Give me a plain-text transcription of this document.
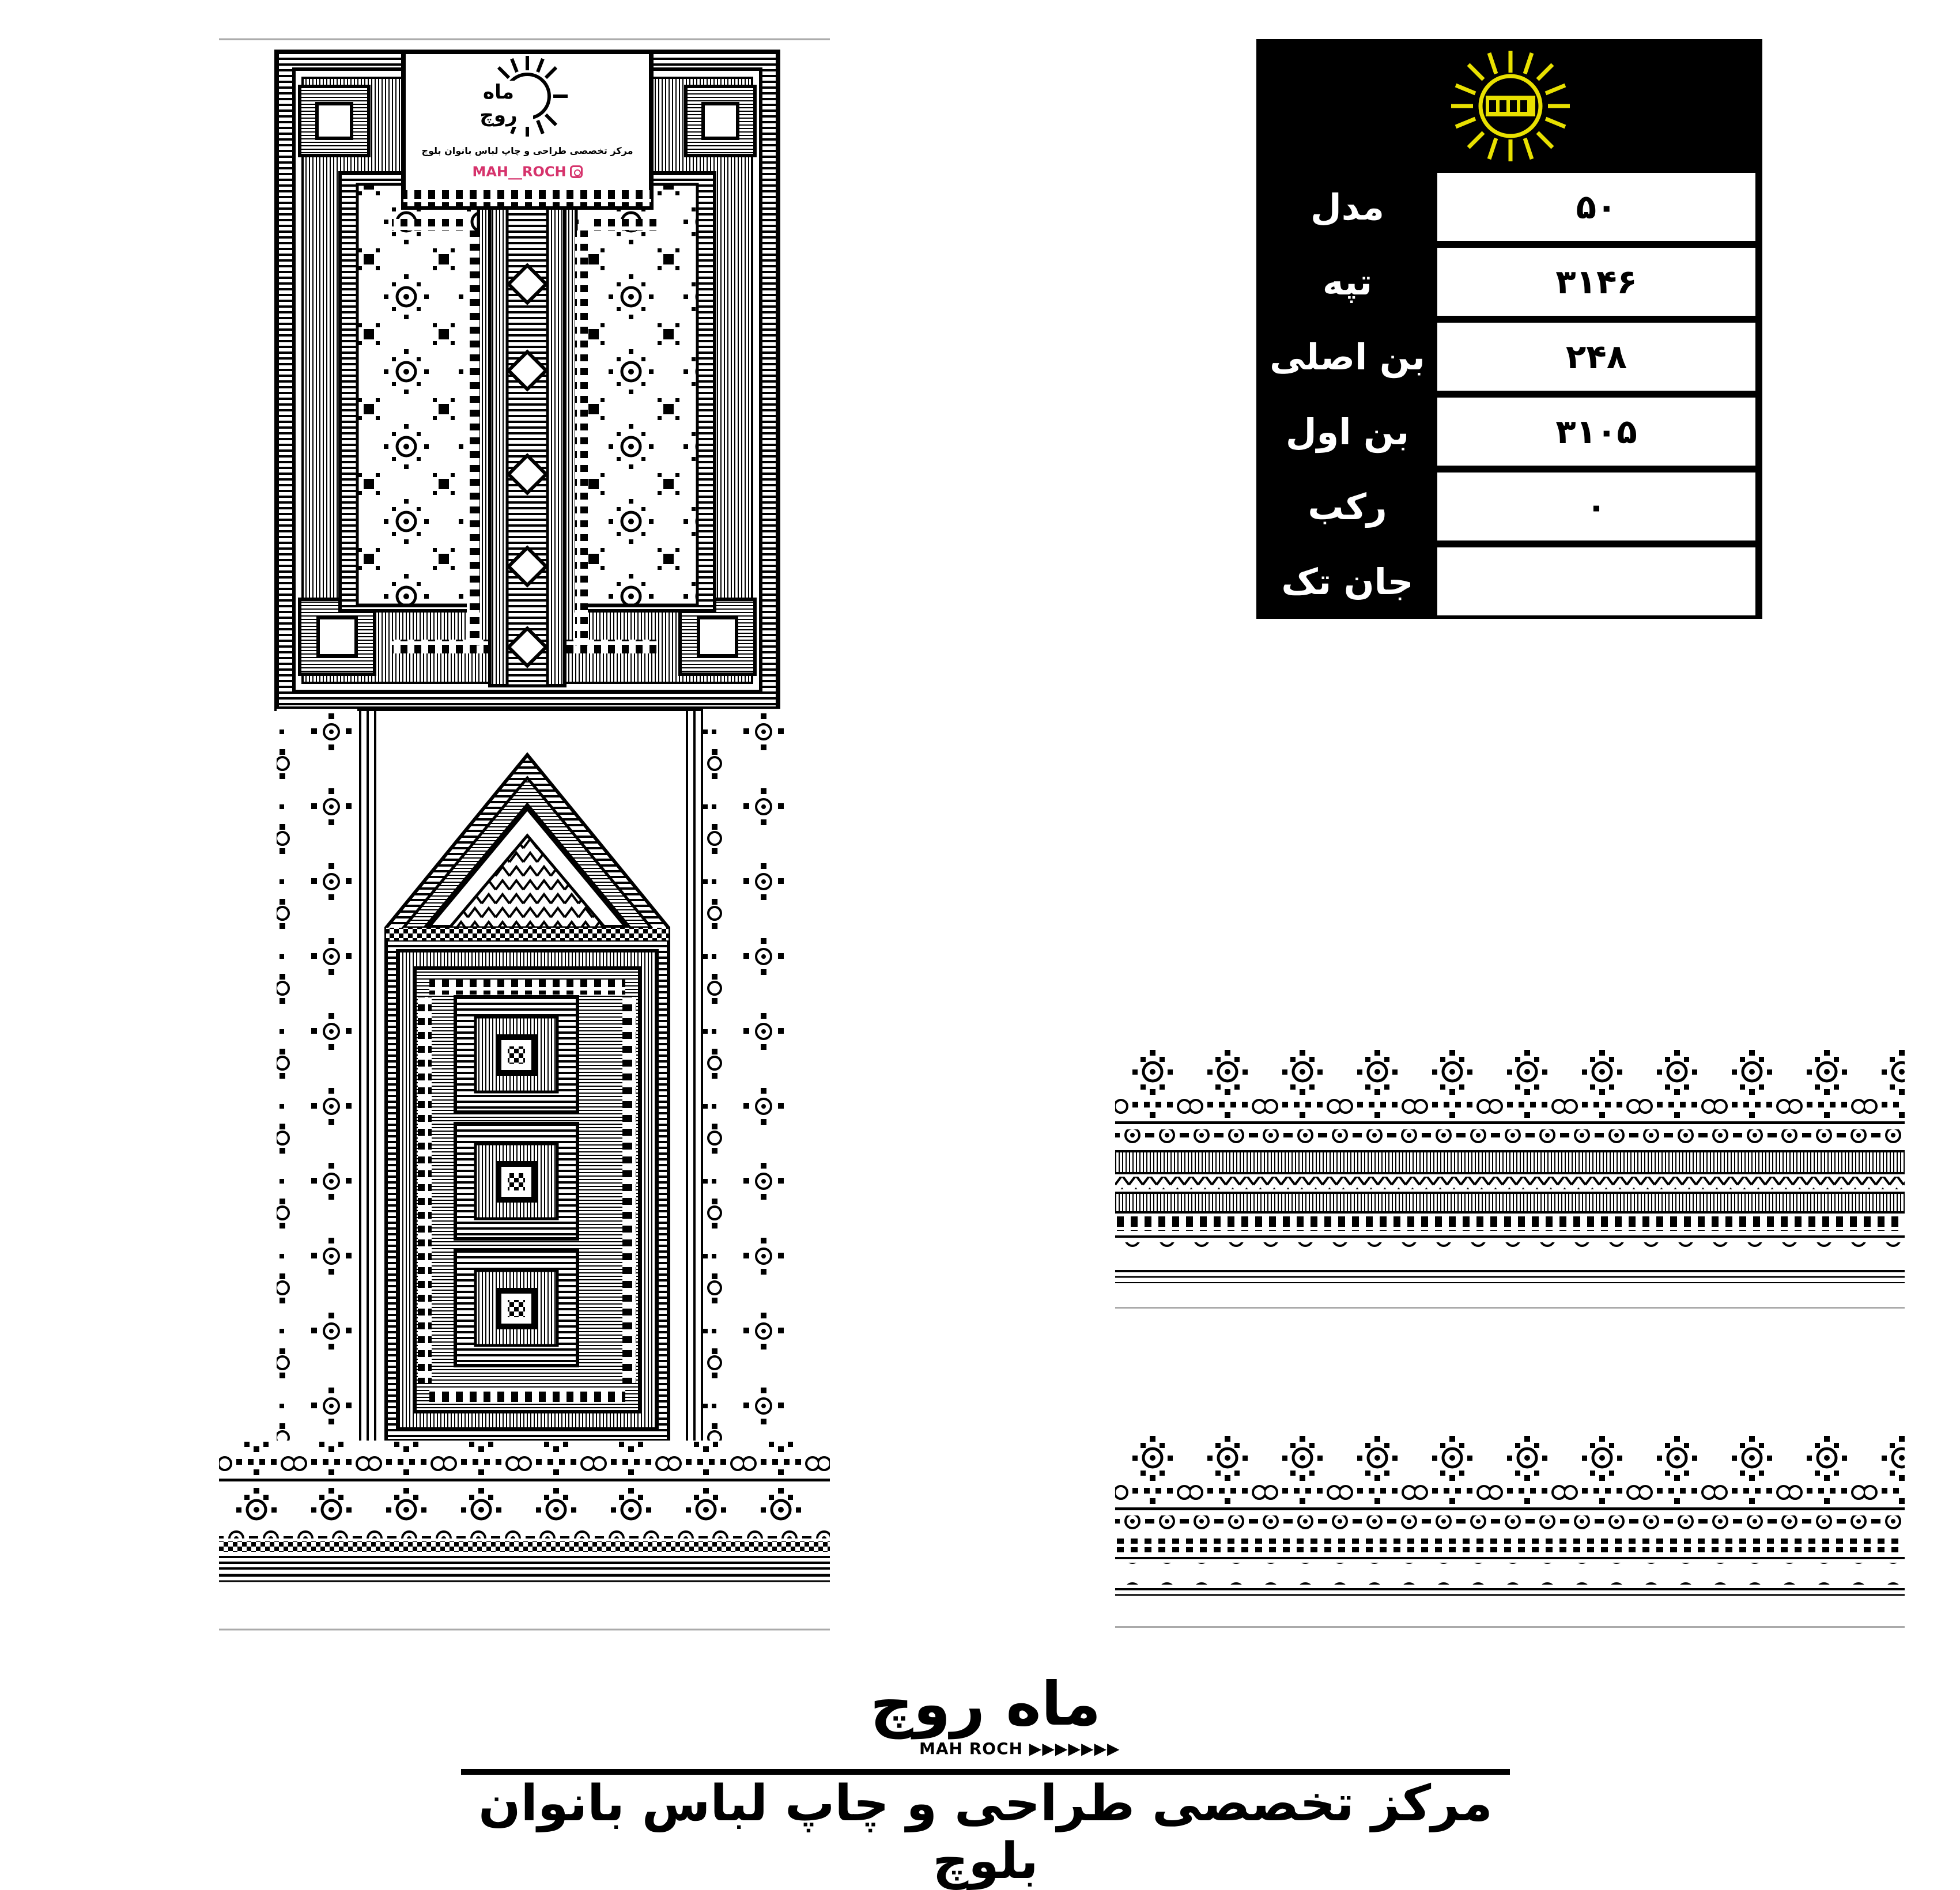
ماه روچ
مرکز تخصصی طراحی و چاپ لباس بانوان بلوچ
MAH__ROCH
مدل	۵۰
تپه	۳۱۴۶
بن اصلی	۲۴۸
بن اول	۳۱۰۵
رکب	۰
جان تک
ماه روچ
MAH ROCH ▶▶▶▶▶▶▶
مرکز تخصصی طراحی و چاپ لباس بانوان بلوچ
